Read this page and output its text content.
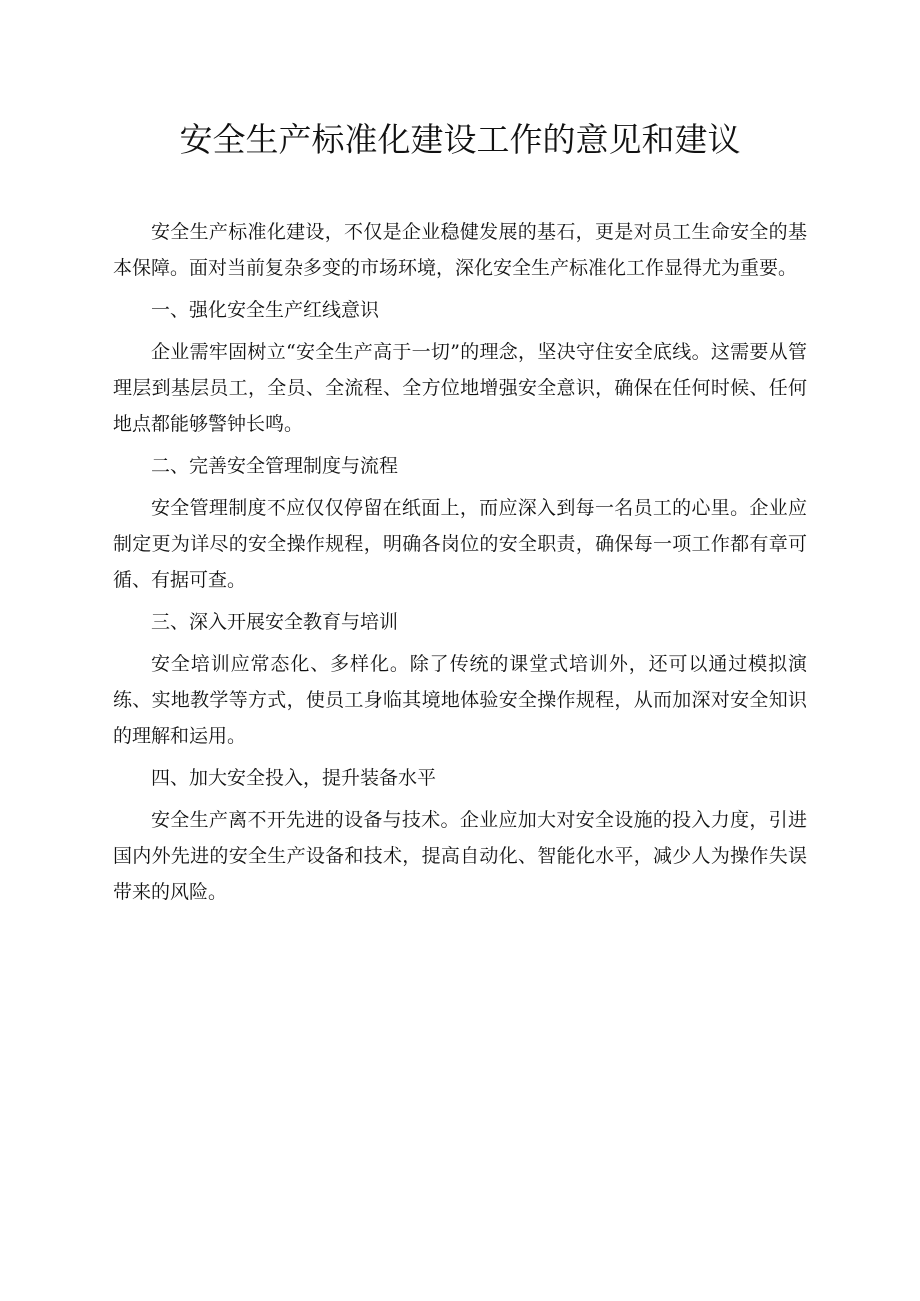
安全生产标准化建设工作的意见和建议

安全生产标准化建设，不仅是企业稳健发展的基石，更是对员工生命安全的基本保障。面对当前复杂多变的市场环境，深化安全生产标准化工作显得尤为重要。

一、强化安全生产红线意识

企业需牢固树立“安全生产高于一切”的理念，坚决守住安全底线。这需要从管理层到基层员工，全员、全流程、全方位地增强安全意识，确保在任何时候、任何地点都能够警钟长鸣。

二、完善安全管理制度与流程

安全管理制度不应仅仅停留在纸面上，而应深入到每一名员工的心里。企业应制定更为详尽的安全操作规程，明确各岗位的安全职责，确保每一项工作都有章可循、有据可查。

三、深入开展安全教育与培训

安全培训应常态化、多样化。除了传统的课堂式培训外，还可以通过模拟演练、实地教学等方式，使员工身临其境地体验安全操作规程，从而加深对安全知识的理解和运用。

四、加大安全投入，提升装备水平

安全生产离不开先进的设备与技术。企业应加大对安全设施的投入力度，引进国内外先进的安全生产设备和技术，提高自动化、智能化水平，减少人为操作失误带来的风险。
